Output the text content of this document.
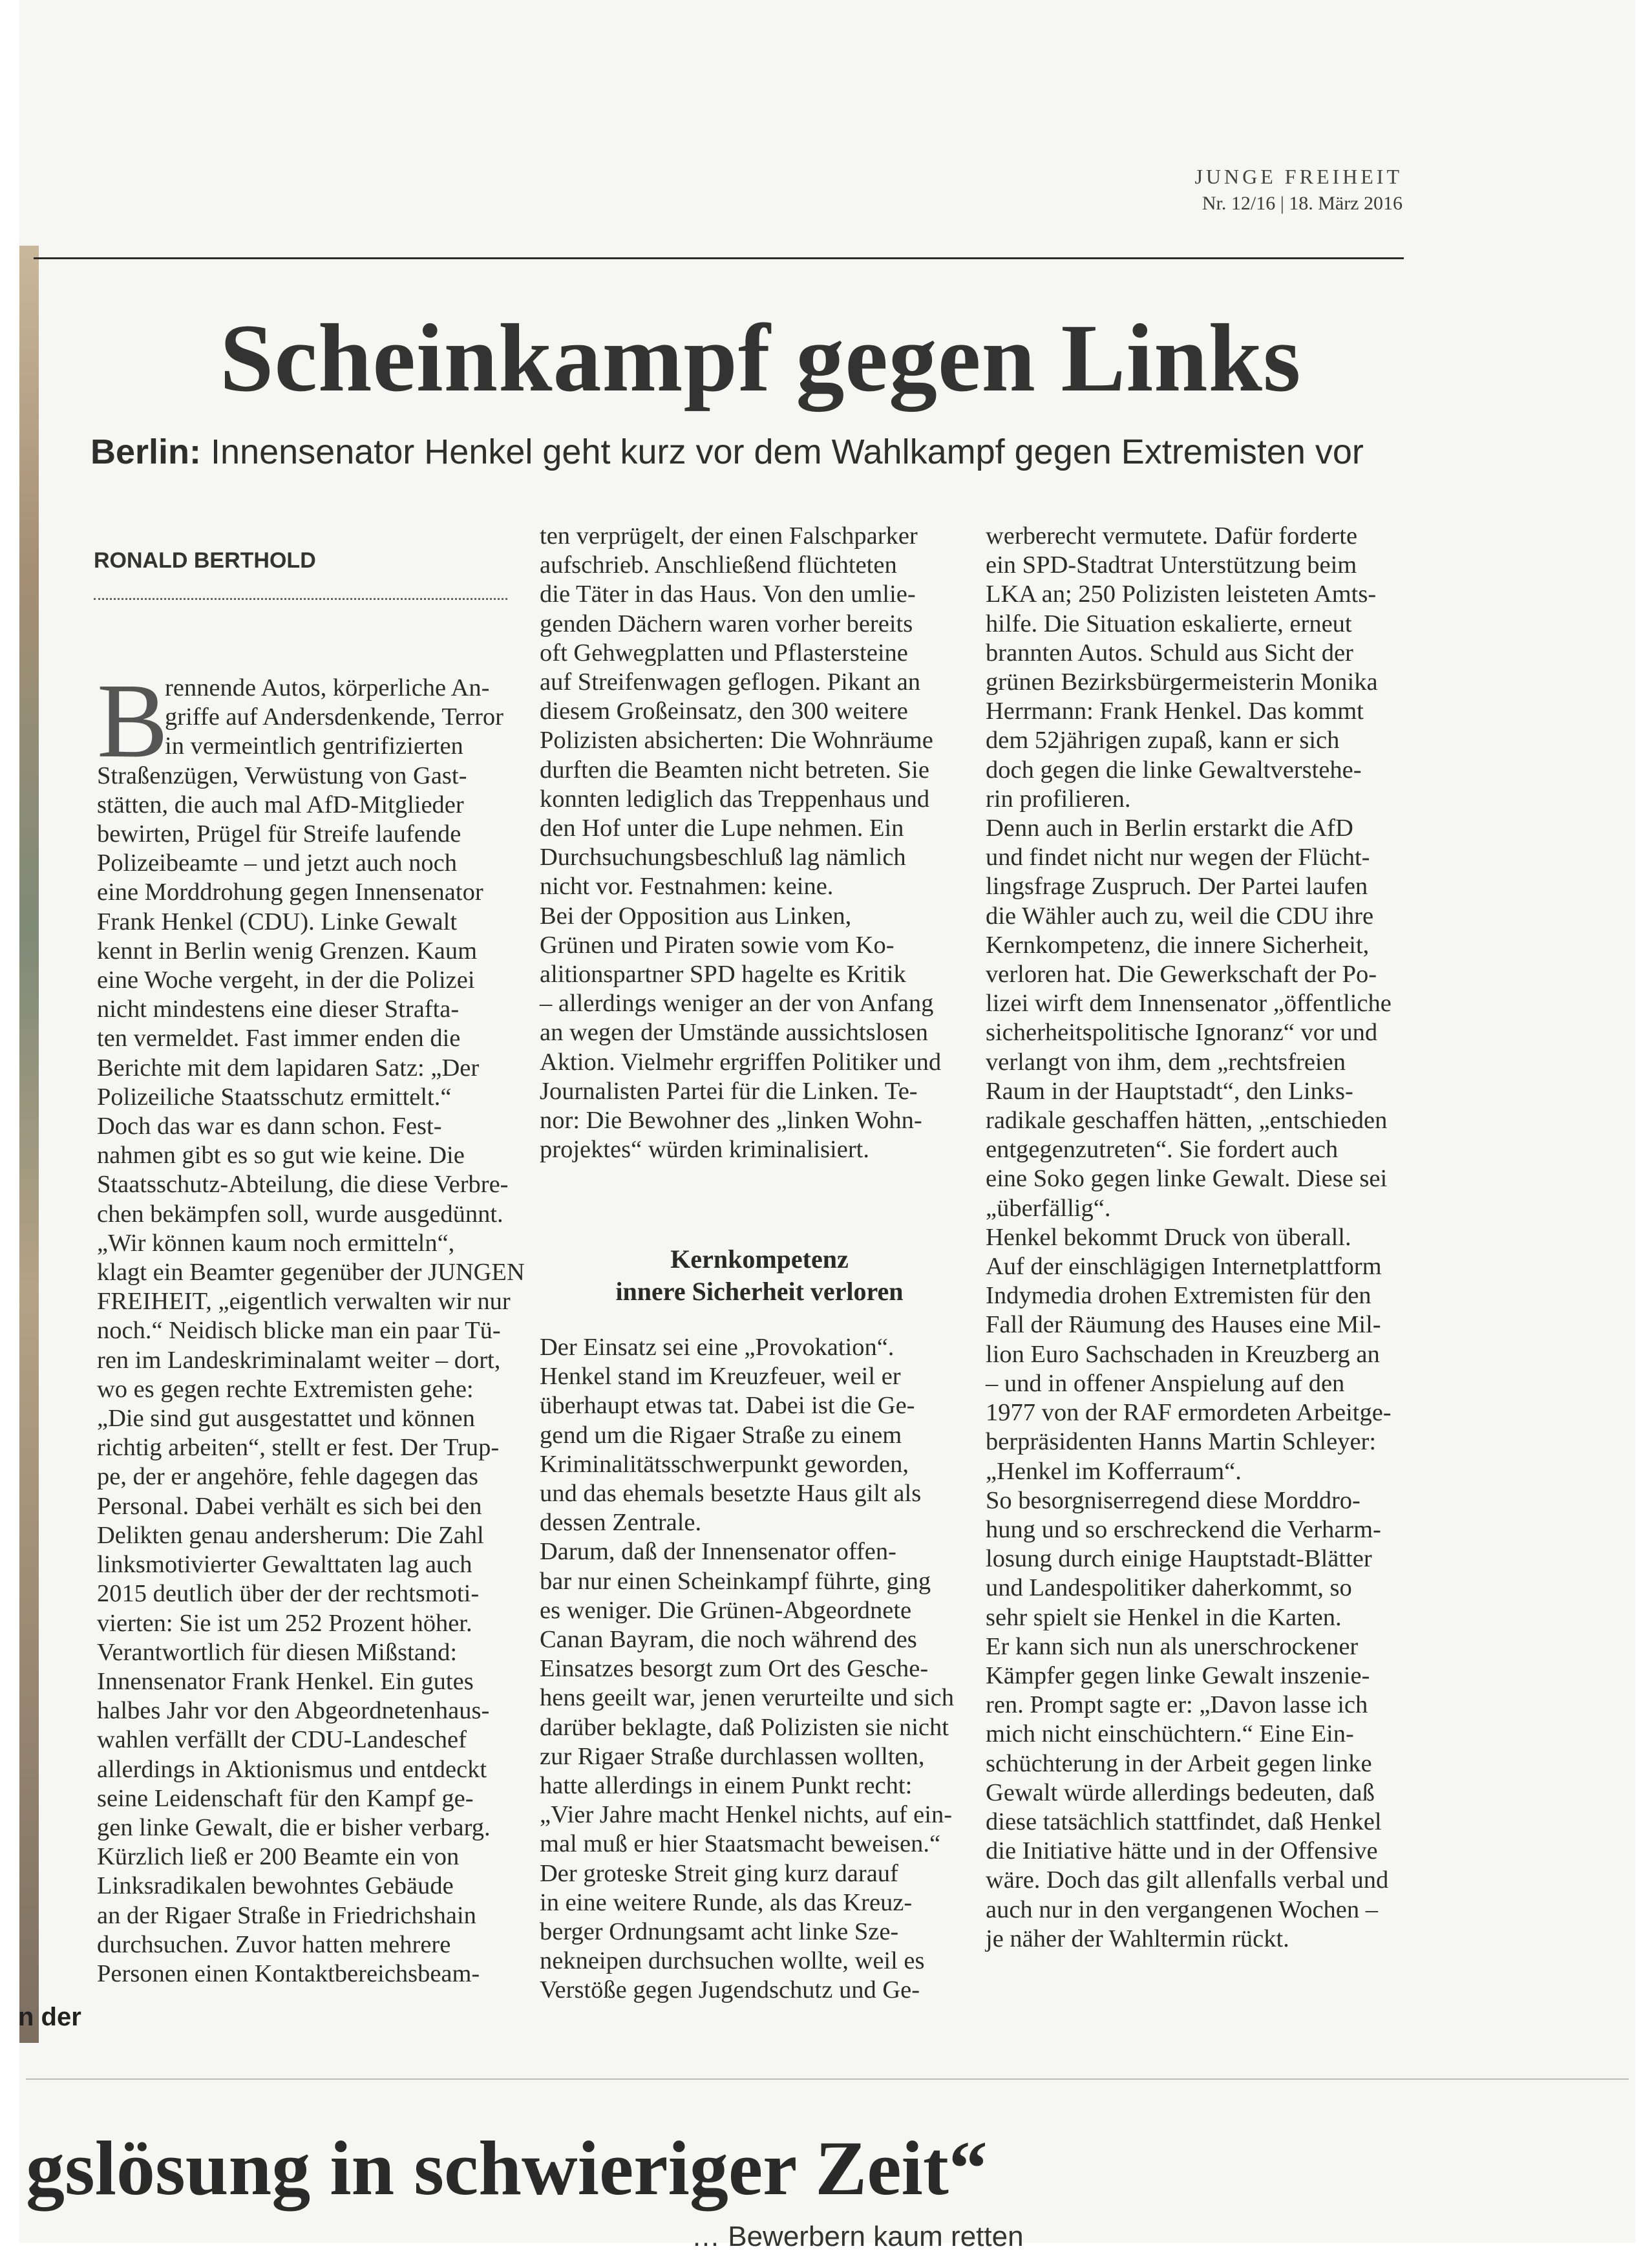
JUNGE FREIHEIT
Nr. 12/16 | 18. März 2016
Scheinkampf gegen Links
Berlin: Innensenator Henkel geht kurz vor dem Wahlkampf gegen Extremisten vor
RONALD BERTHOLD
B

rennende Autos, körperliche An-

griffe auf Andersdenkende, Terror

in vermeintlich gentrifizierten

Straßenzügen, Verwüstung von Gast-

stätten, die auch mal AfD-Mitglieder

bewirten, Prügel für Streife laufende

Polizeibeamte – und jetzt auch noch

eine Morddrohung gegen Innensenator

Frank Henkel (CDU). Linke Gewalt

kennt in Berlin wenig Grenzen. Kaum

eine Woche vergeht, in der die Polizei

nicht mindestens eine dieser Strafta-

ten vermeldet. Fast immer enden die

Berichte mit dem lapidaren Satz: „Der

Polizeiliche Staatsschutz ermittelt.“

Doch das war es dann schon. Fest-

nahmen gibt es so gut wie keine. Die

Staatsschutz-Abteilung, die diese Verbre-

chen bekämpfen soll, wurde ausgedünnt.

„Wir können kaum noch ermitteln“,

klagt ein Beamter gegenüber der JUNGEN

FREIHEIT, „eigentlich verwalten wir nur

noch.“ Neidisch blicke man ein paar Tü-

ren im Landeskriminalamt weiter – dort,

wo es gegen rechte Extremisten gehe:

„Die sind gut ausgestattet und können

richtig arbeiten“, stellt er fest. Der Trup-

pe, der er angehöre, fehle dagegen das

Personal. Dabei verhält es sich bei den

Delikten genau andersherum: Die Zahl

linksmotivierter Gewalttaten lag auch

2015 deutlich über der der rechtsmoti-

vierten: Sie ist um 252 Prozent höher.

Verantwortlich für diesen Mißstand:

Innensenator Frank Henkel. Ein gutes

halbes Jahr vor den Abgeordnetenhaus-

wahlen verfällt der CDU-Landeschef

allerdings in Aktionismus und entdeckt

seine Leidenschaft für den Kampf ge-

gen linke Gewalt, die er bisher verbarg.

Kürzlich ließ er 200 Beamte ein von

Linksradikalen bewohntes Gebäude

an der Rigaer Straße in Friedrichshain

durchsuchen. Zuvor hatten mehrere

Personen einen Kontaktbereichsbeam-

ten verprügelt, der einen Falschparker

aufschrieb. Anschließend flüchteten

die Täter in das Haus. Von den umlie-

genden Dächern waren vorher bereits

oft Gehwegplatten und Pflastersteine

auf Streifenwagen geflogen. Pikant an

diesem Großeinsatz, den 300 weitere

Polizisten absicherten: Die Wohnräume

durften die Beamten nicht betreten. Sie

konnten lediglich das Treppenhaus und

den Hof unter die Lupe nehmen. Ein

Durchsuchungsbeschluß lag nämlich

nicht vor. Festnahmen: keine.

Bei der Opposition aus Linken,

Grünen und Piraten sowie vom Ko-

alitionspartner SPD hagelte es Kritik

– allerdings weniger an der von Anfang

an wegen der Umstände aussichtslosen

Aktion. Vielmehr ergriffen Politiker und

Journalisten Partei für die Linken. Te-

nor: Die Bewohner des „linken Wohn-

projektes“ würden kriminalisiert.

Kernkompetenz
innere Sicherheit verloren

Der Einsatz sei eine „Provokation“.

Henkel stand im Kreuzfeuer, weil er

überhaupt etwas tat. Dabei ist die Ge-

gend um die Rigaer Straße zu einem

Kriminalitätsschwerpunkt geworden,

und das ehemals besetzte Haus gilt als

dessen Zentrale.

Darum, daß der Innensenator offen-

bar nur einen Scheinkampf führte, ging

es weniger. Die Grünen-Abgeordnete

Canan Bayram, die noch während des

Einsatzes besorgt zum Ort des Gesche-

hens geeilt war, jenen verurteilte und sich

darüber beklagte, daß Polizisten sie nicht

zur Rigaer Straße durchlassen wollten,

hatte allerdings in einem Punkt recht:

„Vier Jahre macht Henkel nichts, auf ein-

mal muß er hier Staatsmacht beweisen.“

Der groteske Streit ging kurz darauf

in eine weitere Runde, als das Kreuz-

berger Ordnungsamt acht linke Sze-

nekneipen durchsuchen wollte, weil es

Verstöße gegen Jugendschutz und Ge-

werberecht vermutete. Dafür forderte

ein SPD-Stadtrat Unterstützung beim

LKA an; 250 Polizisten leisteten Amts-

hilfe. Die Situation eskalierte, erneut

brannten Autos. Schuld aus Sicht der

grünen Bezirksbürgermeisterin Monika

Herrmann: Frank Henkel. Das kommt

dem 52jährigen zupaß, kann er sich

doch gegen die linke Gewaltverstehe-

rin profilieren.

Denn auch in Berlin erstarkt die AfD

und findet nicht nur wegen der Flücht-

lingsfrage Zuspruch. Der Partei laufen

die Wähler auch zu, weil die CDU ihre

Kernkompetenz, die innere Sicherheit,

verloren hat. Die Gewerkschaft der Po-

lizei wirft dem Innensenator „öffentliche

sicherheitspolitische Ignoranz“ vor und

verlangt von ihm, dem „rechtsfreien

Raum in der Hauptstadt“, den Links-

radikale geschaffen hätten, „entschieden

entgegenzutreten“. Sie fordert auch

eine Soko gegen linke Gewalt. Diese sei

„überfällig“.

Henkel bekommt Druck von überall.

Auf der einschlägigen Internetplattform

Indymedia drohen Extremisten für den

Fall der Räumung des Hauses eine Mil-

lion Euro Sachschaden in Kreuzberg an

– und in offener Anspielung auf den

1977 von der RAF ermordeten Arbeitge-

berpräsidenten Hanns Martin Schleyer:

„Henkel im Kofferraum“.

So besorgniserregend diese Morddro-

hung und so erschreckend die Verharm-

losung durch einige Hauptstadt-Blätter

und Landespolitiker daherkommt, so

sehr spielt sie Henkel in die Karten.

Er kann sich nun als unerschrockener

Kämpfer gegen linke Gewalt inszenie-

ren. Prompt sagte er: „Davon lasse ich

mich nicht einschüchtern.“ Eine Ein-

schüchterung in der Arbeit gegen linke

Gewalt würde allerdings bedeuten, daß

diese tatsächlich stattfindet, daß Henkel

die Initiative hätte und in der Offensive

wäre. Doch das gilt allenfalls verbal und

auch nur in den vergangenen Wochen –

je näher der Wahltermin rückt.

n der
gslösung in schwieriger Zeit“
… Bewerbern kaum retten
